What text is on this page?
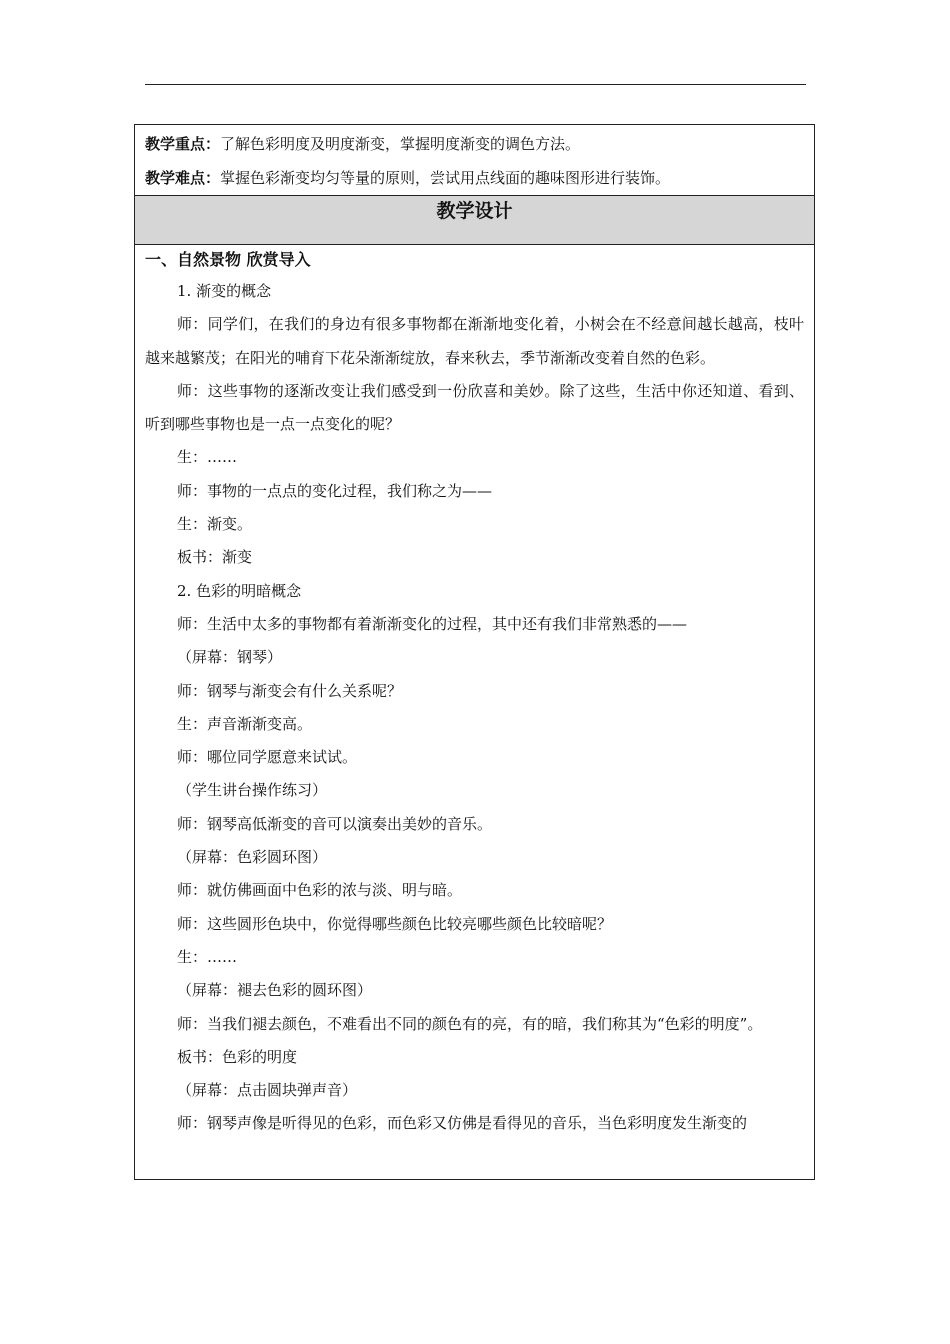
教学重点：了解色彩明度及明度渐变，掌握明度渐变的调色方法。
教学难点：掌握色彩渐变均匀等量的原则，尝试用点线面的趣味图形进行装饰。
教学设计
一、自然景物 欣赏导入
1. 渐变的概念
师：同学们，在我们的身边有很多事物都在渐渐地变化着，小树会在不经意间越长越高，枝叶越来越繁茂；在阳光的哺育下花朵渐渐绽放，春来秋去，季节渐渐改变着自然的色彩。
师：这些事物的逐渐改变让我们感受到一份欣喜和美妙。除了这些，生活中你还知道、看到、听到哪些事物也是一点一点变化的呢？
生：……
师：事物的一点点的变化过程，我们称之为——
生：渐变。
板书：渐变
2. 色彩的明暗概念
师：生活中太多的事物都有着渐渐变化的过程，其中还有我们非常熟悉的——
（屏幕：钢琴）
师：钢琴与渐变会有什么关系呢？
生：声音渐渐变高。
师：哪位同学愿意来试试。
（学生讲台操作练习）
师：钢琴高低渐变的音可以演奏出美妙的音乐。
（屏幕：色彩圆环图）
师：就仿佛画面中色彩的浓与淡、明与暗。
师：这些圆形色块中，你觉得哪些颜色比较亮哪些颜色比较暗呢？
生：……
（屏幕：褪去色彩的圆环图）
师：当我们褪去颜色，不难看出不同的颜色有的亮，有的暗，我们称其为“色彩的明度”。
板书：色彩的明度
（屏幕：点击圆块弹声音）
师：钢琴声像是听得见的色彩，而色彩又仿佛是看得见的音乐，当色彩明度发生渐变的
